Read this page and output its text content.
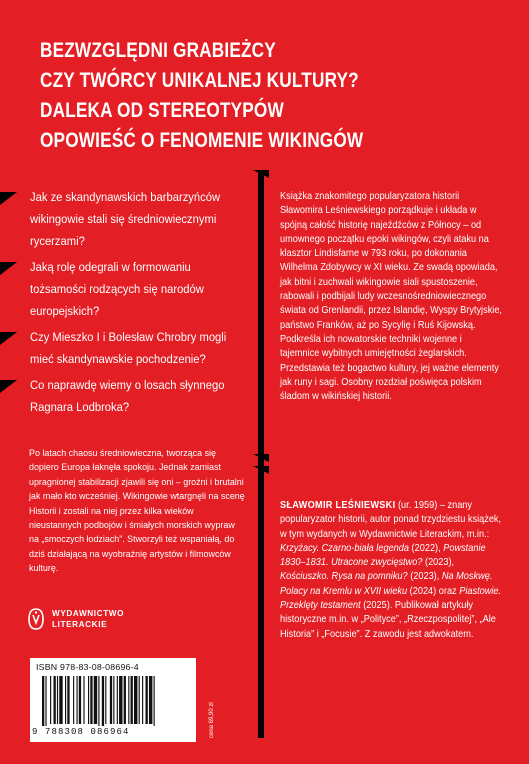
BEZWZGLĘDNI GRABIEŻCY
CZY TWÓRCY UNIKALNEJ KULTURY?
DALEKA OD STEREOTYPÓW
OPOWIEŚĆ O FENOMENIE WIKINGÓW
Jak ze skandynawskich barbarzyńców wikingowie stali się średniowiecznymi rycerzami?
Jaką rolę odegrali w formowaniu tożsamości rodzących się narodów europejskich?
Czy Mieszko I i Bolesław Chrobry mogli mieć skandynawskie pochodzenie?
Co naprawdę wiemy o losach słynnego Ragnara Lodbroka?
Po latach chaosu średniowieczna, tworząca się dopiero Europa łaknęła spokoju. Jednak zamiast upragnionej stabilizacji zjawili się oni – groźni i brutalni jak mało kto wcześniej. Wikingowie wtargnęli na scenę Historii i zostali na niej przez kilka wieków nieustannych podbojów i śmiałych morskich wypraw na „smoczych łodziach”. Stworzyli też wspaniałą, do dziś działającą na wyobraźnię artystów i filmowców kulturę.
Książka znakomitego popularyzatora historii Sławomira Leśniewskiego porządkuje i układa w spójną całość historię najeźdźców z Północy – od umownego początku epoki wikingów, czyli ataku na klasztor Lindisfarne w 793 roku, po dokonania Wilhelma Zdobywcy w XI wieku. Ze swadą opowiada, jak bitni i zuchwali wikingowie siali spustoszenie, rabowali i podbijali ludy wczesnośredniowiecznego świata od Grenlandii, przez Islandię, Wyspy Brytyjskie, państwo Franków, aż po Sycylię i Ruś Kijowską. Podkreśla ich nowatorskie techniki wojenne i tajemnice wybitnych umiejętności żeglarskich. Przedstawia też bogactwo kultury, jej ważne elementy jak runy i sagi. Osobny rozdział poświęca polskim śladom w wikińskiej historii.
SŁAWOMIR LEŚNIEWSKI (ur. 1959) – znany popularyzator historii, autor ponad trzydziestu książek, w tym wydanych w Wydawnictwie Literackim, m.in.: Krzyżacy. Czarno-biała legenda (2022), Powstanie 1830–1831. Utracone zwycięstwo? (2023), Kościuszko. Rysa na pomniku? (2023), Na Moskwę. Polacy na Kremlu w XVII wieku (2024) oraz Piastowie. Przeklęty testament (2025). Publikował artykuły historyczne m.in. w „Polityce”, „Rzeczpospolitej”, „Ale Historia” i „Focusie”. Z zawodu jest adwokatem.
WYDAWNICTWO
LITERACKIE
ISBN 978-83-08-08696-4
9 788308 086964	cena 69,90 zł
